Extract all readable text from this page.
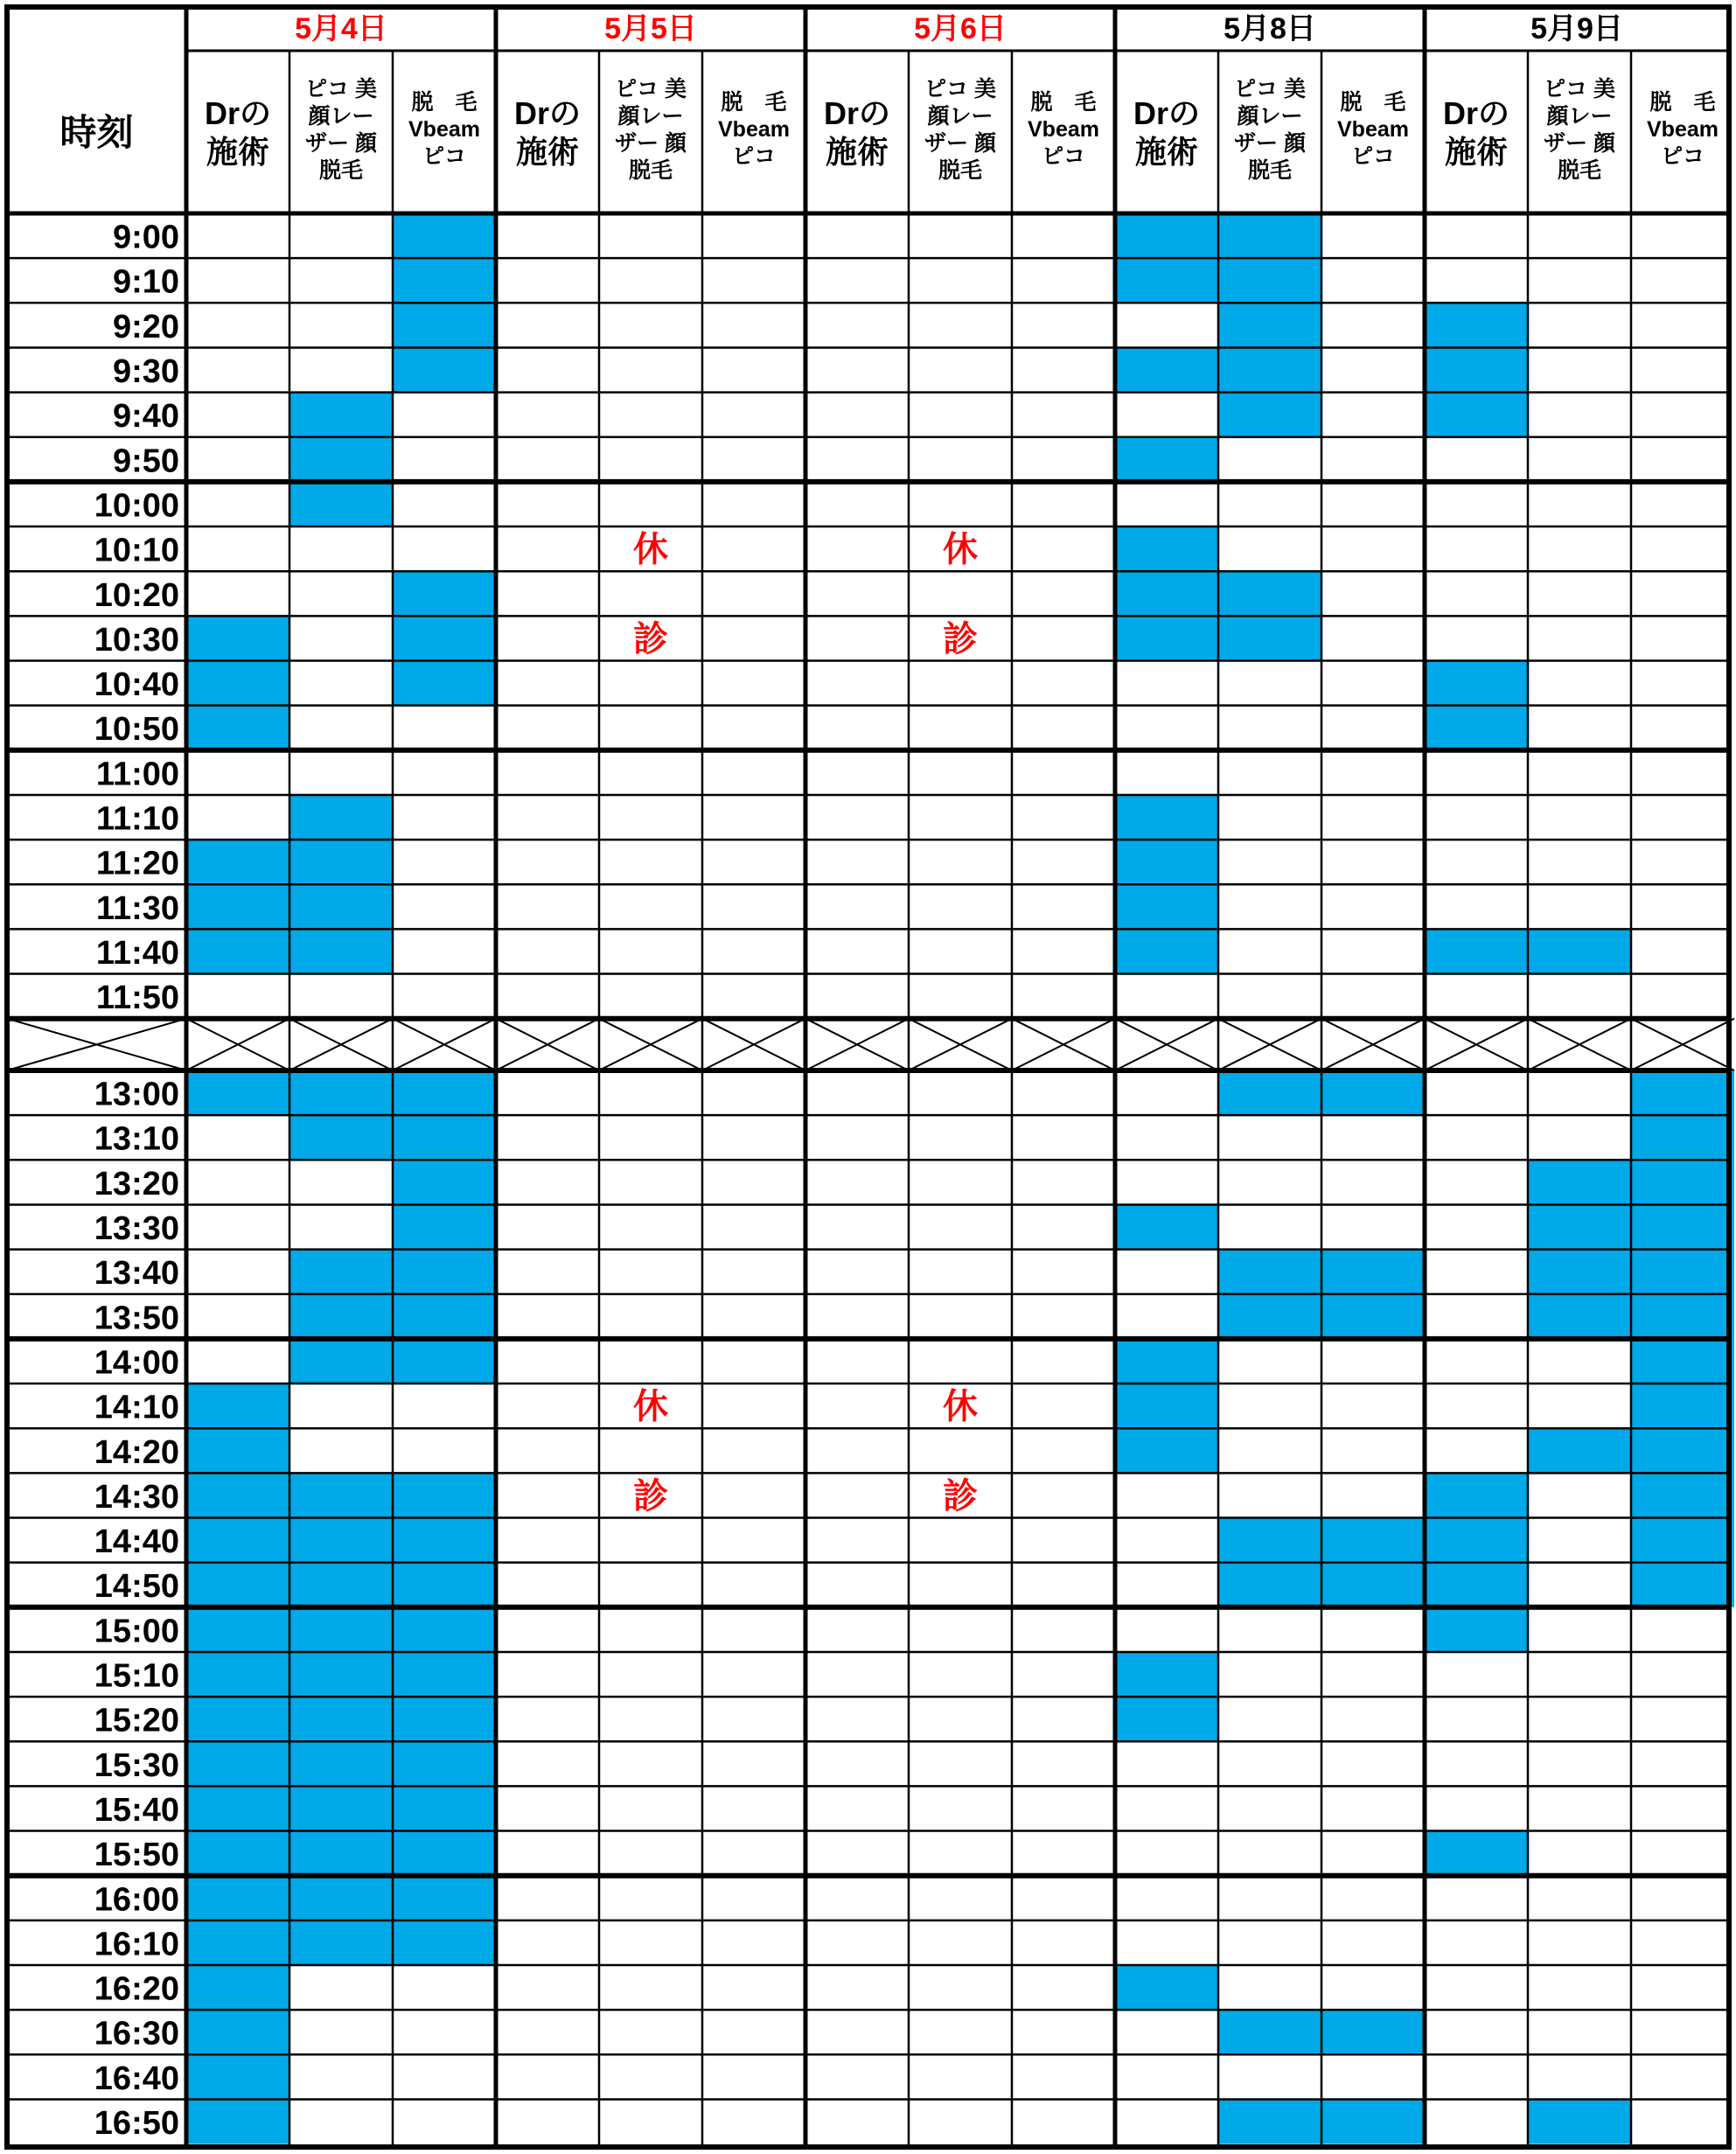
時刻
5月4日
Drの
施術
ピコ 美
顔レー
ザー 顔
脱毛
脱　毛
Vbeam
ピコ
5月5日
Drの
施術
ピコ 美
顔レー
ザー 顔
脱毛
脱　毛
Vbeam
ピコ
5月6日
Drの
施術
ピコ 美
顔レー
ザー 顔
脱毛
脱　毛
Vbeam
ピコ
5月8日
Drの
施術
ピコ 美
顔レー
ザー 顔
脱毛
脱　毛
Vbeam
ピコ
5月9日
Drの
施術
ピコ 美
顔レー
ザー 顔
脱毛
脱　毛
Vbeam
ピコ
9:00
9:10
9:20
9:30
9:40
9:50
10:00
10:10
10:20
10:30
10:40
10:50
11:00
11:10
11:20
11:30
11:40
11:50
13:00
13:10
13:20
13:30
13:40
13:50
14:00
14:10
14:20
14:30
14:40
14:50
15:00
15:10
15:20
15:30
15:40
15:50
16:00
16:10
16:20
16:30
16:40
16:50
休
診
休
診
休
診
休
診
